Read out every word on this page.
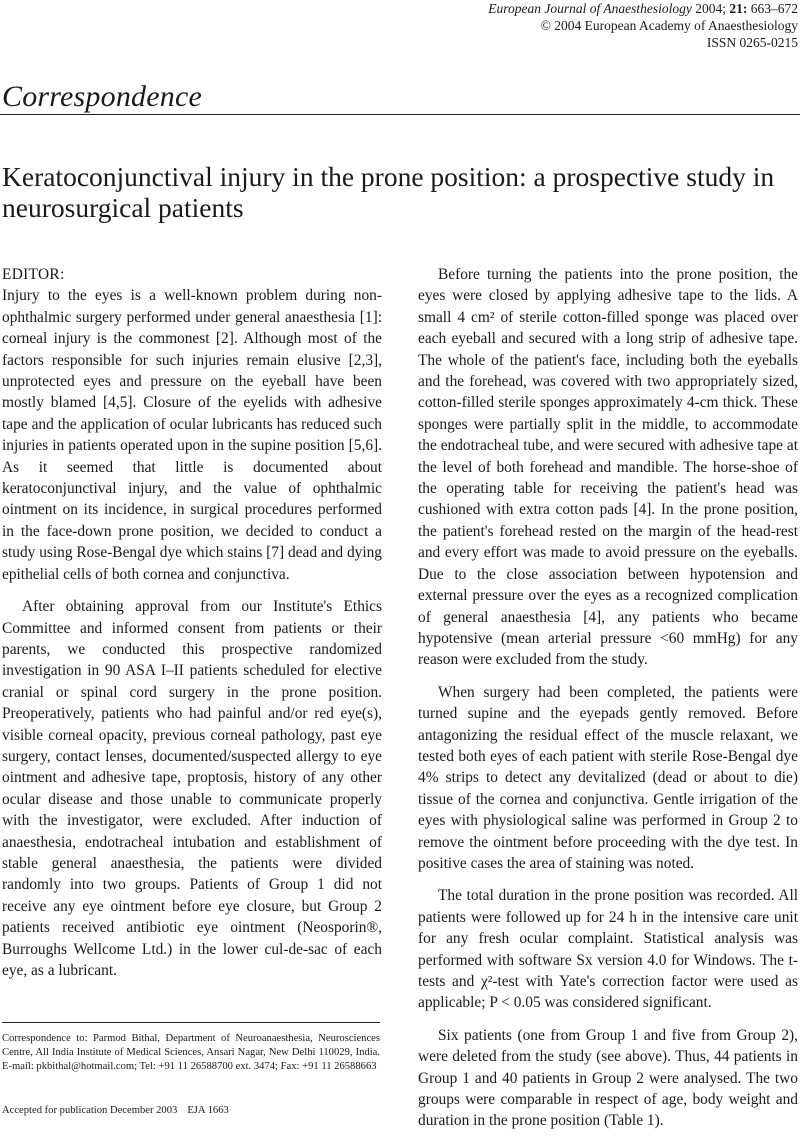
European Journal of Anaesthesiology 2004; 21: 663–672
© 2004 European Academy of Anaesthesiology
ISSN 0265-0215
Correspondence
Keratoconjunctival injury in the prone position: a prospective study in neurosurgical patients
EDITOR:

Injury to the eyes is a well-known problem during non-ophthalmic surgery performed under general anaesthesia [1]: corneal injury is the commonest [2]. Although most of the factors responsible for such injuries remain elusive [2,3], unprotected eyes and pressure on the eyeball have been mostly blamed [4,5]. Closure of the eyelids with adhesive tape and the application of ocular lubricants has reduced such injuries in patients operated upon in the supine position [5,6]. As it seemed that little is documented about keratoconjunctival injury, and the value of ophthalmic ointment on its incidence, in surgical procedures performed in the face-down prone position, we decided to conduct a study using Rose-Bengal dye which stains [7] dead and dying epithelial cells of both cornea and conjunctiva.

After obtaining approval from our Institute's Ethics Committee and informed consent from patients or their parents, we conducted this prospective randomized investigation in 90 ASA I–II patients scheduled for elective cranial or spinal cord surgery in the prone position. Preoperatively, patients who had painful and/or red eye(s), visible corneal opacity, previous corneal pathology, past eye surgery, contact lenses, documented/suspected allergy to eye ointment and adhesive tape, proptosis, history of any other ocular disease and those unable to communicate properly with the investigator, were excluded. After induction of anaesthesia, endotracheal intubation and establishment of stable general anaesthesia, the patients were divided randomly into two groups. Patients of Group 1 did not receive any eye ointment before eye closure, but Group 2 patients received antibiotic eye ointment (Neosporin®, Burroughs Wellcome Ltd.) in the lower cul-de-sac of each eye, as a lubricant.

Before turning the patients into the prone position, the eyes were closed by applying adhesive tape to the lids. A small 4 cm² of sterile cotton-filled sponge was placed over each eyeball and secured with a long strip of adhesive tape. The whole of the patient's face, including both the eyeballs and the forehead, was covered with two appropriately sized, cotton-filled sterile sponges approximately 4-cm thick. These sponges were partially split in the middle, to accommodate the endotracheal tube, and were secured with adhesive tape at the level of both forehead and mandible. The horse-shoe of the operating table for receiving the patient's head was cushioned with extra cotton pads [4]. In the prone position, the patient's forehead rested on the margin of the head-rest and every effort was made to avoid pressure on the eyeballs. Due to the close association between hypotension and external pressure over the eyes as a recognized complication of general anaesthesia [4], any patients who became hypotensive (mean arterial pressure <60 mmHg) for any reason were excluded from the study.

When surgery had been completed, the patients were turned supine and the eyepads gently removed. Before antagonizing the residual effect of the muscle relaxant, we tested both eyes of each patient with sterile Rose-Bengal dye 4% strips to detect any devitalized (dead or about to die) tissue of the cornea and conjunctiva. Gentle irrigation of the eyes with physiological saline was performed in Group 2 to remove the ointment before proceeding with the dye test. In positive cases the area of staining was noted.

The total duration in the prone position was recorded. All patients were followed up for 24 h in the intensive care unit for any fresh ocular complaint. Statistical analysis was performed with software Sx version 4.0 for Windows. The t-tests and χ²-test with Yate's correction factor were used as applicable; P < 0.05 was considered significant.

Six patients (one from Group 1 and five from Group 2), were deleted from the study (see above). Thus, 44 patients in Group 1 and 40 patients in Group 2 were analysed. The two groups were comparable in respect of age, body weight and duration in the prone position (Table 1).

Correspondence to: Parmod Bithal, Department of Neuroanaesthesia, Neurosciences Centre, All India Institute of Medical Sciences, Ansari Nagar, New Delhi 110029, India. E-mail: pkbithal@hotmail.com; Tel: +91 11 26588700 ext. 3474; Fax: +91 11 26588663
Accepted for publication December 2003 EJA 1663
